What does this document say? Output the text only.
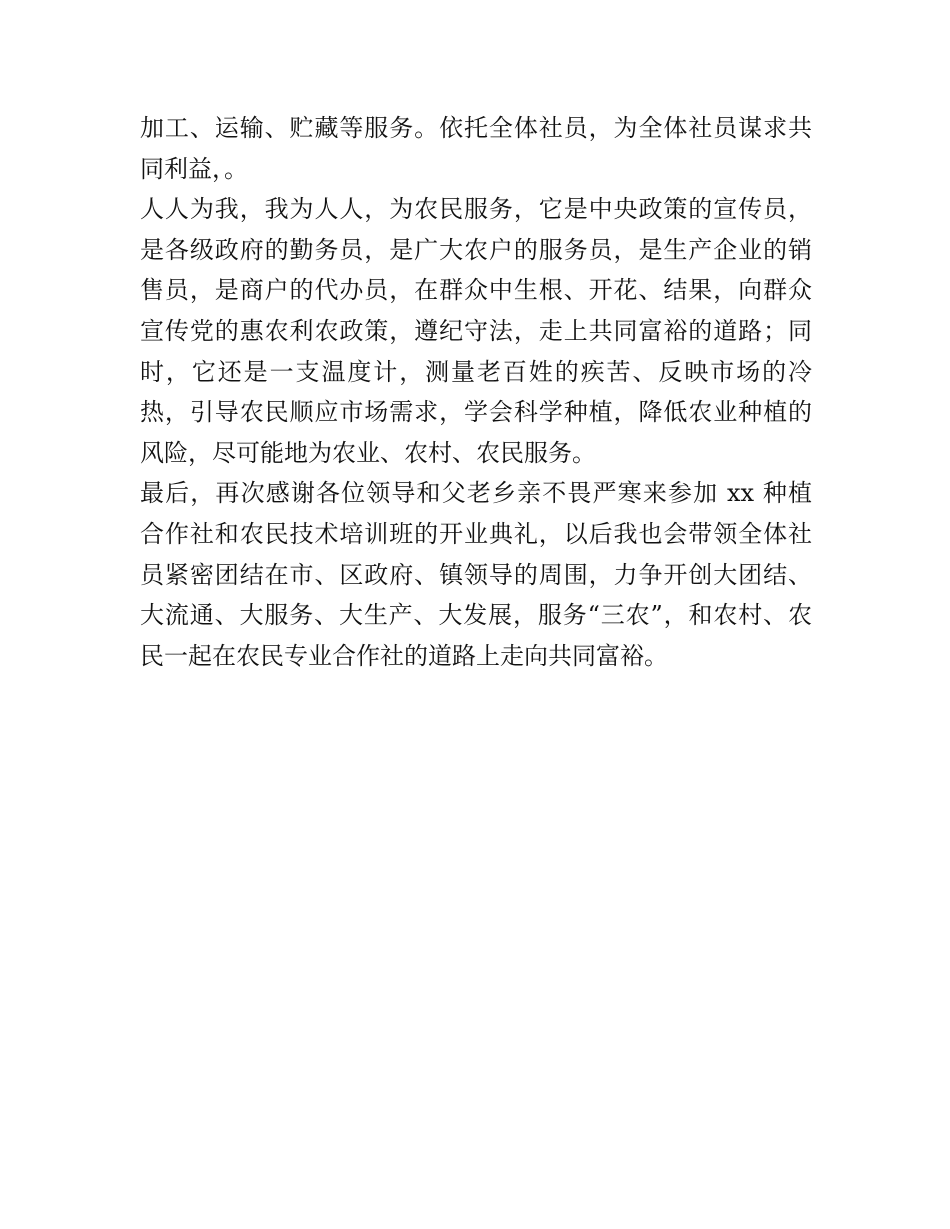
加工、运输、贮藏等服务。依托全体社员，为全体社员谋求共
同利益，。
人人为我，我为人人，为农民服务，它是中央政策的宣传员，
是各级政府的勤务员，是广大农户的服务员，是生产企业的销
售员，是商户的代办员，在群众中生根、开花、结果，向群众
宣传党的惠农利农政策，遵纪守法，走上共同富裕的道路；同
时，它还是一支温度计，测量老百姓的疾苦、反映市场的冷
热，引导农民顺应市场需求，学会科学种植，降低农业种植的
风险，尽可能地为农业、农村、农民服务。
最后，再次感谢各位领导和父老乡亲不畏严寒来参加 xx 种植
合作社和农民技术培训班的开业典礼，以后我也会带领全体社
员紧密团结在市、区政府、镇领导的周围，力争开创大团结、
大流通、大服务、大生产、大发展，服务“三农”，和农村、农
民一起在农民专业合作社的道路上走向共同富裕。
